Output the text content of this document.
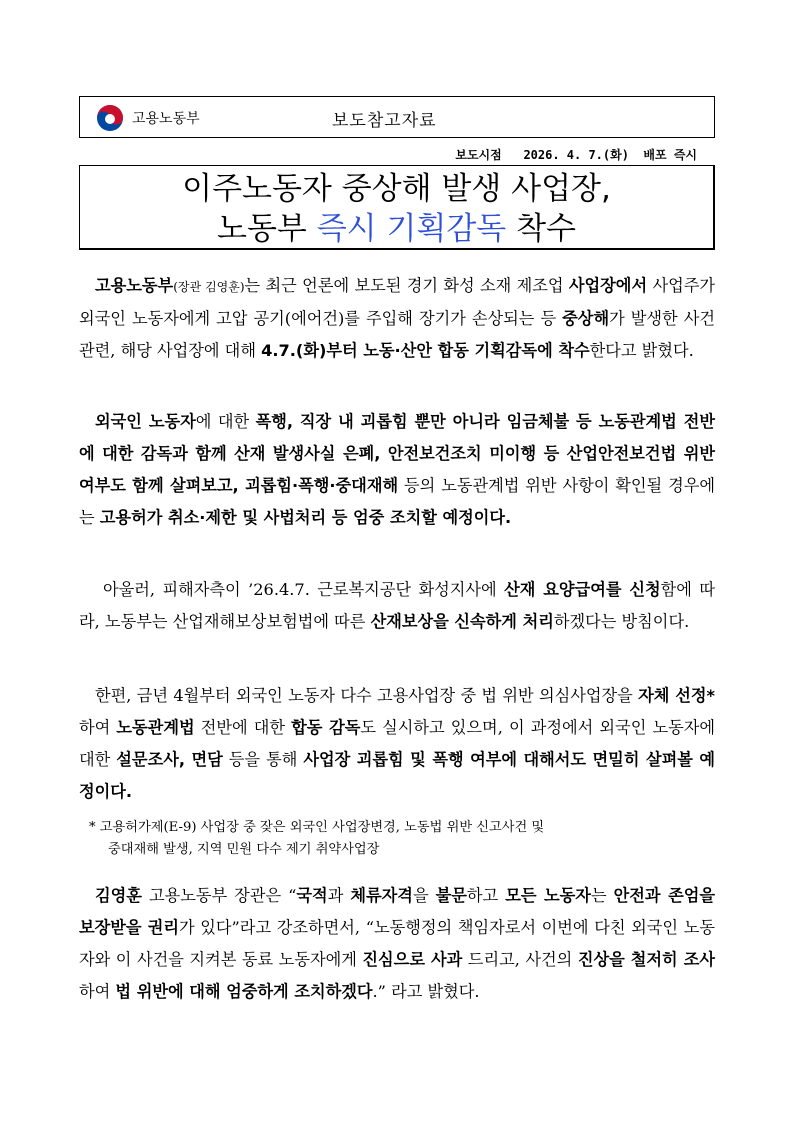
고용노동부	보도참고자료
보도시점 2026. 4. 7.(화) 배포 즉시
이주노동자 중상해 발생 사업장,
노동부 즉시 기획감독 착수

고용노동부(장관 김영훈)는 최근 언론에 보도된 경기 화성 소재 제조업 사업장에서 사업주가 외국인 노동자에게 고압 공기(에어건)를 주입해 장기가 손상되는 등 중상해가 발생한 사건 관련, 해당 사업장에 대해 4.7.(화)부터 노동·산안 합동 기획감독에 착수한다고 밝혔다.

외국인 노동자에 대한 폭행, 직장 내 괴롭힘 뿐만 아니라 임금체불 등 노동관계법 전반에 대한 감독과 함께 산재 발생사실 은폐, 안전보건조치 미이행 등 산업안전보건법 위반 여부도 함께 살펴보고, 괴롭힘·폭행·중대재해 등의 노동관계법 위반 사항이 확인될 경우에는 고용허가 취소·제한 및 사법처리 등 엄중 조치할 예정이다.

아울러, 피해자측이 ’26.4.7. 근로복지공단 화성지사에 산재 요양급여를 신청함에 따라, 노동부는 산업재해보상보험법에 따른 산재보상을 신속하게 처리하겠다는 방침이다.

한편, 금년 4월부터 외국인 노동자 다수 고용사업장 중 법 위반 의심사업장을 자체 선정*하여 노동관계법 전반에 대한 합동 감독도 실시하고 있으며, 이 과정에서 외국인 노동자에 대한 설문조사, 면담 등을 통해 사업장 괴롭힘 및 폭행 여부에 대해서도 면밀히 살펴볼 예정이다.

* 고용허가제(E-9) 사업장 중 잦은 외국인 사업장변경, 노동법 위반 신고사건 및
중대재해 발생, 지역 민원 다수 제기 취약사업장

김영훈 고용노동부 장관은 “국적과 체류자격을 불문하고 모든 노동자는 안전과 존엄을 보장받을 권리가 있다”라고 강조하면서, “노동행정의 책임자로서 이번에 다친 외국인 노동자와 이 사건을 지켜본 동료 노동자에게 진심으로 사과 드리고, 사건의 진상을 철저히 조사하여 법 위반에 대해 엄중하게 조치하겠다.” 라고 밝혔다.
